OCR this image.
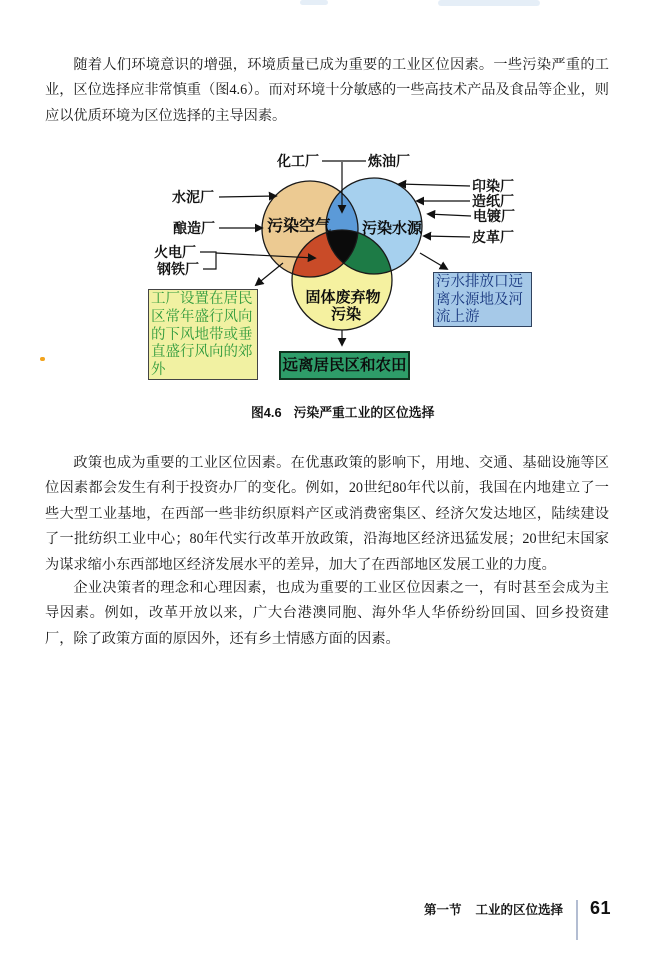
随着人们环境意识的增强，环境质量已成为重要的工业区位因素。一些污染严重的工业，区位选择应非常慎重（图4.6）。而对环境十分敏感的一些高技术产品及食品等企业，则应以优质环境为区位选择的主导因素。

化工厂	炼油厂
水泥厂
酿造厂
火电厂
钢铁厂
印染厂
造纸厂
电镀厂
皮革厂
污染空气 污染水源
固体废弃物
污染
工厂设置在居民区常年盛行风向的下风地带或垂直盛行风向的郊外
污水排放口远离水源地及河流上游
远离居民区和农田
图4.6 污染严重工业的区位选择

政策也成为重要的工业区位因素。在优惠政策的影响下，用地、交通、基础设施等区位因素都会发生有利于投资办厂的变化。例如，20世纪80年代以前，我国在内地建立了一些大型工业基地，在西部一些非纺织原料产区或消费密集区、经济欠发达地区，陆续建设了一批纺织工业中心；80年代实行改革开放政策，沿海地区经济迅猛发展；20世纪末国家为谋求缩小东西部地区经济发展水平的差异，加大了在西部地区发展工业的力度。

企业决策者的理念和心理因素，也成为重要的工业区位因素之一，有时甚至会成为主导因素。例如，改革开放以来，广大台港澳同胞、海外华人华侨纷纷回国、回乡投资建厂，除了政策方面的原因外，还有乡土情感方面的因素。

第一节 工业的区位选择 61
